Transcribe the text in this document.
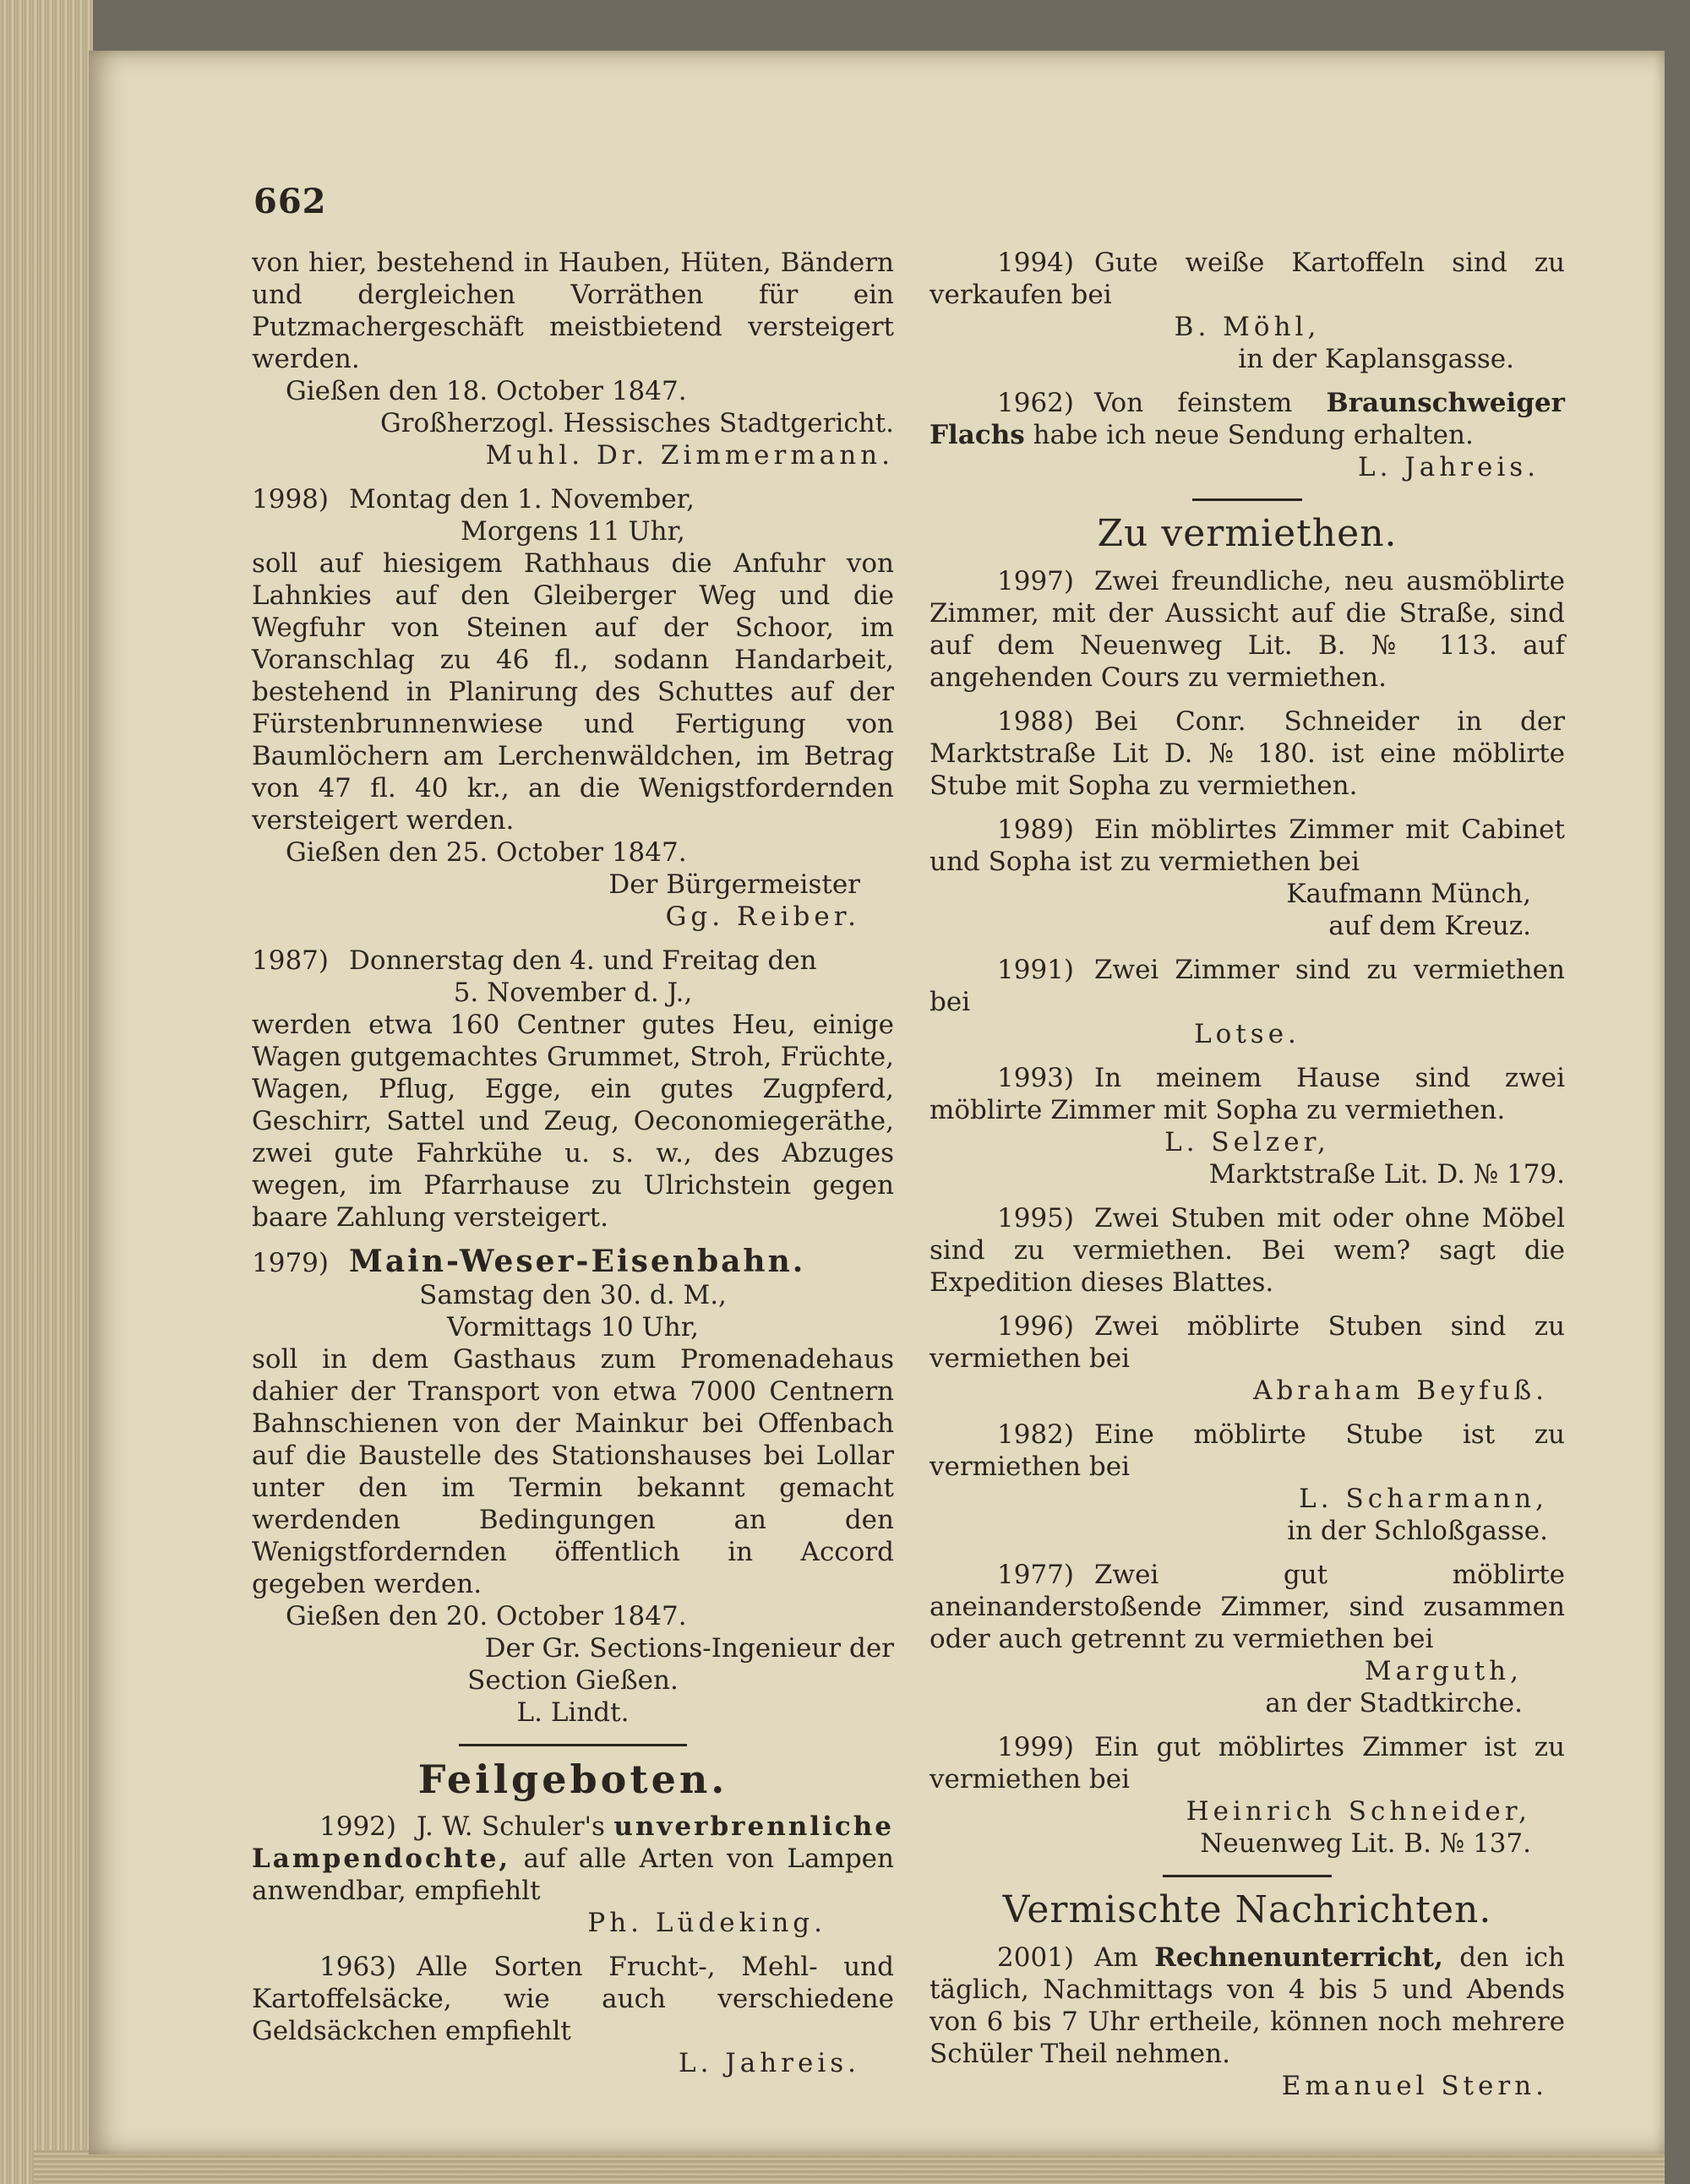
662
von hier, bestehend in Hauben, Hüten, Bändern und dergleichen Vorräthen für ein Putzmachergeschäft meistbietend versteigert werden.
Gießen den 18. October 1847.
Großherzogl. Hessisches Stadtgericht.
Muhl. Dr. Zimmermann.
1998) Montag den 1. November,
Morgens 11 Uhr,
soll auf hiesigem Rathhaus die Anfuhr von Lahnkies auf den Gleiberger Weg und die Wegfuhr von Steinen auf der Schoor, im Voranschlag zu 46 fl., sodann Handarbeit, bestehend in Planirung des Schuttes auf der Fürstenbrunnenwiese und Fertigung von Baumlöchern am Lerchenwäldchen, im Betrag von 47 fl. 40 kr., an die Wenigstfordernden versteigert werden.
Gießen den 25. October 1847.
Der Bürgermeister
Gg. Reiber.
1987) Donnerstag den 4. und Freitag den
5. November d. J.,
werden etwa 160 Centner gutes Heu, einige Wagen gutgemachtes Grummet, Stroh, Früchte, Wagen, Pflug, Egge, ein gutes Zugpferd, Geschirr, Sattel und Zeug, Oeconomiegeräthe, zwei gute Fahrkühe u. s. w., des Abzuges wegen, im Pfarrhause zu Ulrichstein gegen baare Zahlung versteigert.
1979) Main-Weser-Eisenbahn.
Samstag den 30. d. M.,
Vormittags 10 Uhr,
soll in dem Gasthaus zum Promenadehaus dahier der Transport von etwa 7000 Centnern Bahnschienen von der Mainkur bei Offenbach auf die Baustelle des Stationshauses bei Lollar unter den im Termin bekannt gemacht werdenden Bedingungen an den Wenigstfordernden öffentlich in Accord gegeben werden.
Gießen den 20. October 1847.
Der Gr. Sections-Ingenieur der
Section Gießen.
L. Lindt.
Feilgeboten.
1992) J. W. Schuler's unverbrennliche Lampendochte, auf alle Arten von Lampen anwendbar, empfiehlt
Ph. Lüdeking.
1963) Alle Sorten Frucht-, Mehl- und Kartoffelsäcke, wie auch verschiedene Geldsäckchen empfiehlt
L. Jahreis.
1994) Gute weiße Kartoffeln sind zu verkaufen bei
B. Möhl,
in der Kaplansgasse.
1962) Von feinstem Braunschweiger Flachs habe ich neue Sendung erhalten.
L. Jahreis.
Zu vermiethen.
1997) Zwei freundliche, neu ausmöblirte Zimmer, mit der Aussicht auf die Straße, sind auf dem Neuenweg Lit. B. № 113. auf angehenden Cours zu vermiethen.
1988) Bei Conr. Schneider in der Marktstraße Lit D. № 180. ist eine möblirte Stube mit Sopha zu vermiethen.
1989) Ein möblirtes Zimmer mit Cabinet und Sopha ist zu vermiethen bei
Kaufmann Münch,
auf dem Kreuz.
1991) Zwei Zimmer sind zu vermiethen bei
Lotse.
1993) In meinem Hause sind zwei möblirte Zimmer mit Sopha zu vermiethen.
L. Selzer,
Marktstraße Lit. D. № 179.
1995) Zwei Stuben mit oder ohne Möbel sind zu vermiethen. Bei wem? sagt die Expedition dieses Blattes.
1996) Zwei möblirte Stuben sind zu vermiethen bei
Abraham Beyfuß.
1982) Eine möblirte Stube ist zu vermiethen bei
L. Scharmann,
in der Schloßgasse.
1977) Zwei gut möblirte aneinanderstoßende Zimmer, sind zusammen oder auch getrennt zu vermiethen bei
Marguth,
an der Stadtkirche.
1999) Ein gut möblirtes Zimmer ist zu vermiethen bei
Heinrich Schneider,
Neuenweg Lit. B. № 137.
Vermischte Nachrichten.
2001) Am Rechnenunterricht, den ich täglich, Nachmittags von 4 bis 5 und Abends von 6 bis 7 Uhr ertheile, können noch mehrere Schüler Theil nehmen.
Emanuel Stern.
